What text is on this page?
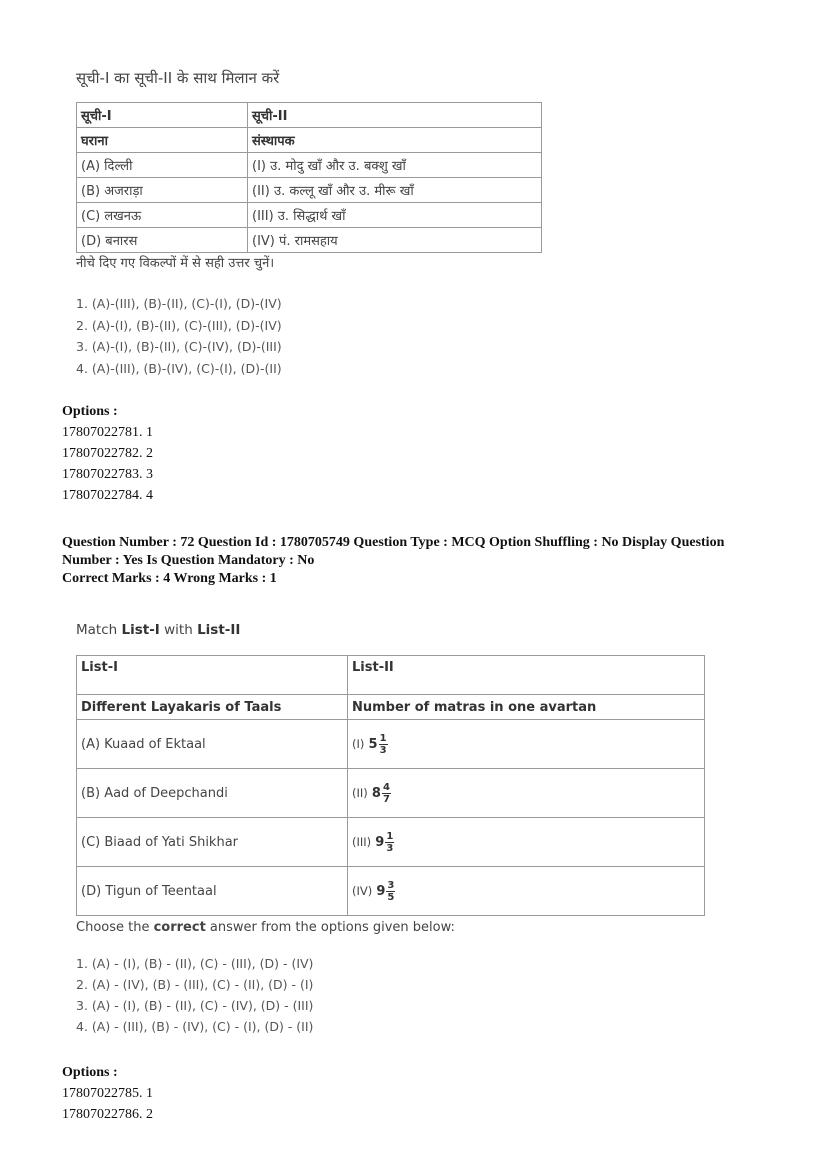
सूची-I का सूची-II के साथ मिलान करें
सूची-I	सूची-II
घराना	संस्थापक
(A) दिल्ली	(I) उ. मोदु खाँ और उ. बक्शु खाँ
(B) अजराड़ा	(II) उ. कल्लू खाँ और उ. मीरू खाँ
(C) लखनऊ	(III) उ. सिद्धार्थ खाँ
(D) बनारस	(IV) पं. रामसहाय
नीचे दिए गए विकल्पों में से सही उत्तर चुनें।
1. (A)-(III), (B)-(II), (C)-(I), (D)-(IV)
2. (A)-(I), (B)-(II), (C)-(III), (D)-(IV)
3. (A)-(I), (B)-(II), (C)-(IV), (D)-(III)
4. (A)-(III), (B)-(IV), (C)-(I), (D)-(II)
Options :
17807022781. 1
17807022782. 2
17807022783. 3
17807022784. 4
Question Number : 72 Question Id : 1780705749 Question Type : MCQ Option Shuffling : No Display Question
Number : Yes Is Question Mandatory : No
Correct Marks : 4 Wrong Marks : 1
Match List-I with List-II
List-I	List-II
Different Layakaris of Taals	Number of matras in one avartan
(A) Kuaad of Ektaal	(I) $5 \frac{1}{3}$

(B) Aad of Deepchandi	(II) $8 \frac{4}{7}$

(C) Biaad of Yati Shikhar	(III) $9 \frac{1}{3}$

(D) Tigun of Teentaal	(IV) $9 \frac{3}{5}$
Choose the correct answer from the options given below:
1. (A) - (I), (B) - (II), (C) - (III), (D) - (IV)
2. (A) - (IV), (B) - (III), (C) - (II), (D) - (I)
3. (A) - (I), (B) - (II), (C) - (IV), (D) - (III)
4. (A) - (III), (B) - (IV), (C) - (I), (D) - (II)
Options :
17807022785. 1
17807022786. 2
